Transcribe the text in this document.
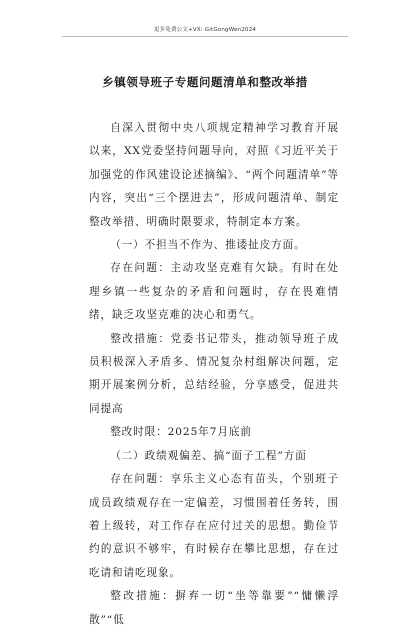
更多免费公文+VX: GitGongWen2024
乡镇领导班子专题问题清单和整改举措

自深入贯彻中央八项规定精神学习教育开展以来，XX党委坚持问题导向，对照《习近平关于加强党的作风建设论述摘编》、“两个问题清单”等内容，突出“三个摆进去”，形成问题清单、制定整改举措、明确时限要求，特制定本方案。

（一）不担当不作为、推诿扯皮方面。

存在问题：主动攻坚克难有欠缺。有时在处理乡镇一些复杂的矛盾和问题时，存在畏难情绪，缺乏攻坚克难的决心和勇气。

整改措施：党委书记带头，推动领导班子成员积极深入矛盾多、情况复杂村组解决问题，定期开展案例分析，总结经验，分享感受，促进共同提高

整改时限：2025年7月底前

（二）政绩观偏差、搞“面子工程”方面

存在问题：享乐主义心态有苗头，个别班子成员政绩观存在一定偏差，习惯围着任务转，围着上级转，对工作存在应付过关的思想。勤俭节约的意识不够牢，有时候存在攀比思想，存在过吃请和请吃现象。

整改措施：摒弃一切“坐等靠要”“慵懒浮散”“低
